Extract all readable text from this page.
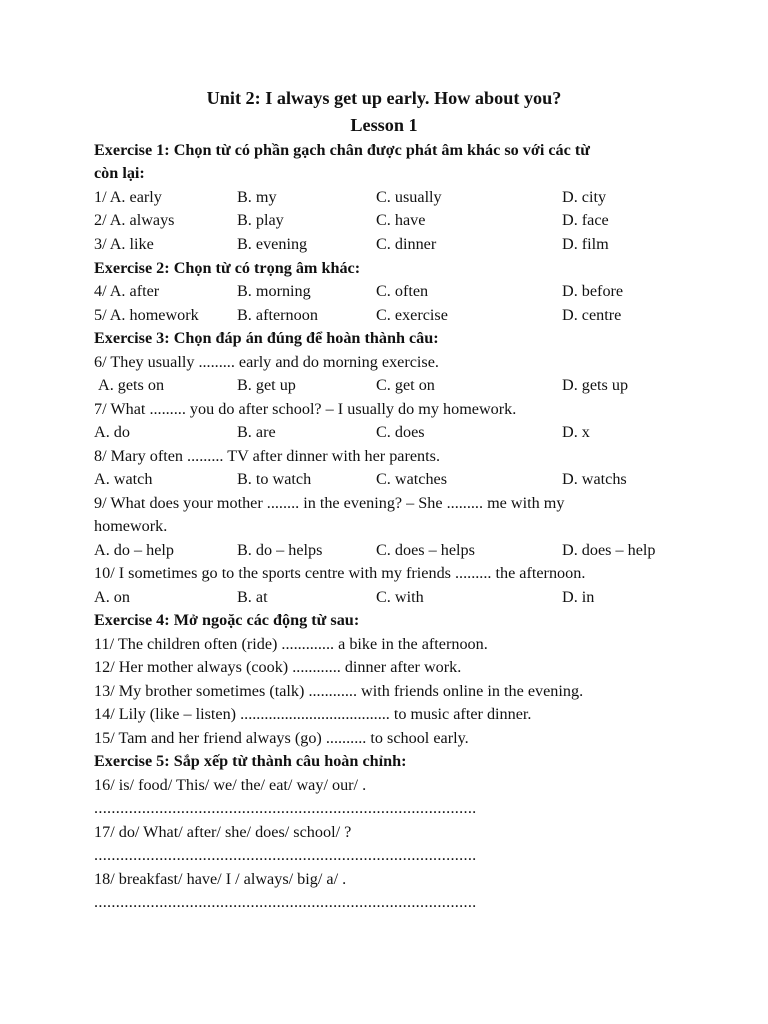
Unit 2: I always get up early. How about you?
Lesson 1
Exercise 1: Chọn từ có phần gạch chân được phát âm khác so với các từ
còn lại:
1/ A. early	B. my	C. usually	D. city
2/ A. always	B. play	C. have	D. face
3/ A. like	B. evening	C. dinner	D. film
Exercise 2: Chọn từ có trọng âm khác:
4/ A. after	B. morning	C. often	D. before
5/ A. homework B. afternoon	C. exercise	D. centre
Exercise 3: Chọn đáp án đúng để hoàn thành câu:
6/ They usually ......... early and do morning exercise.
A. gets on	B. get up	C. get on	D. gets up
7/ What ......... you do after school? – I usually do my homework.
A. do	B. are	C. does	D. x
8/ Mary often ......... TV after dinner with her parents.
A. watch	B. to watch	C. watches	D. watchs
9/ What does your mother ........ in the evening? – She ......... me with my
homework.
A. do – help	B. do – helps	C. does – helps	D. does – help
10/ I sometimes go to the sports centre with my friends ......... the afternoon.
A. on	B. at	C. with	D. in
Exercise 4: Mở ngoặc các động từ sau:
11/ The children often (ride) ............. a bike in the afternoon.
12/ Her mother always (cook) ............ dinner after work.
13/ My brother sometimes (talk) ............ with friends online in the evening.
14/ Lily (like – listen) ..................................... to music after dinner.
15/ Tam and her friend always (go) .......... to school early.
Exercise 5: Sắp xếp từ thành câu hoàn chỉnh:
16/ is/ food/ This/ we/ the/ eat/ way/ our/ .
........................................................................................
17/ do/ What/ after/ she/ does/ school/ ?
........................................................................................
18/ breakfast/ have/ I / always/ big/ a/ .
........................................................................................
